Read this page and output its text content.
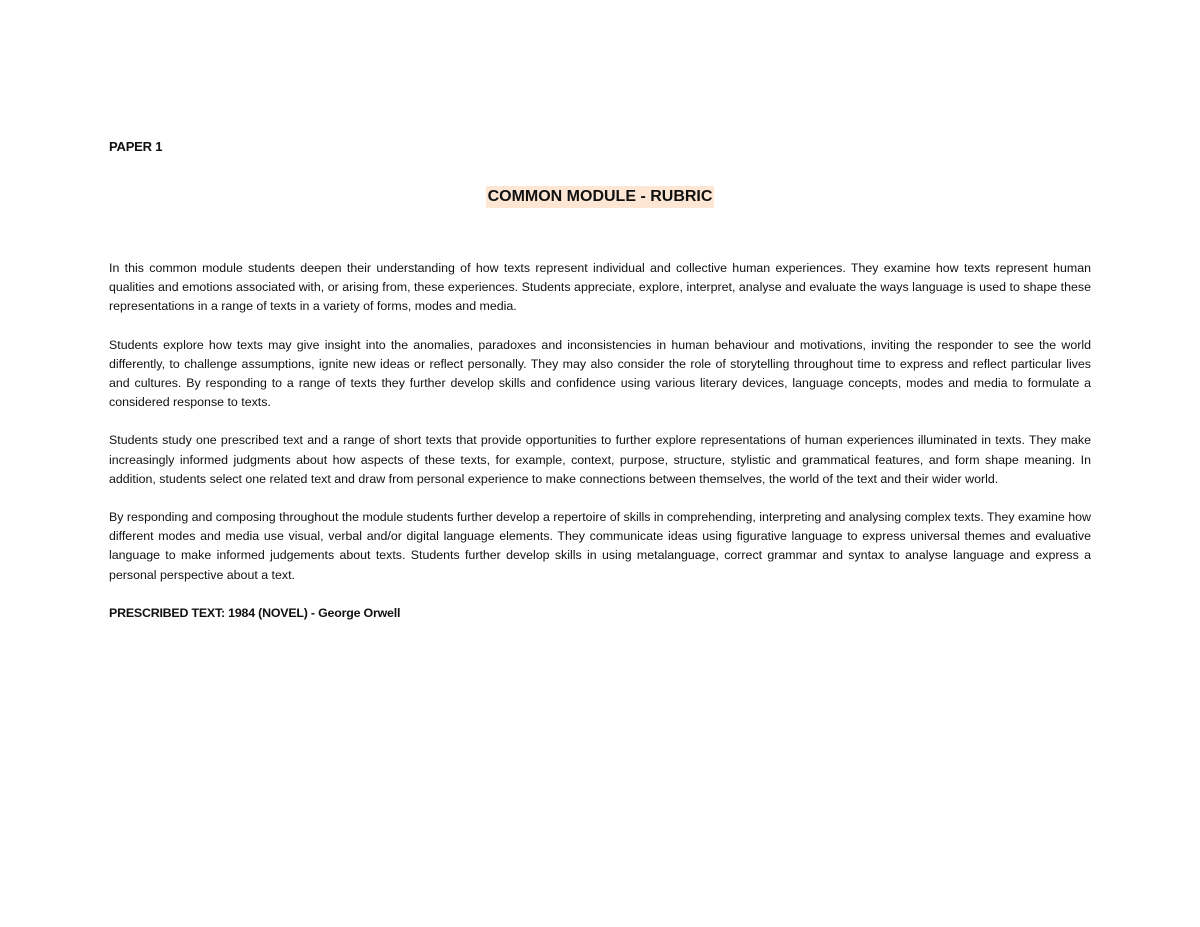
PAPER 1

COMMON MODULE - RUBRIC

In this common module students deepen their understanding of how texts represent individual and collective human experiences. They examine how texts represent human qualities and emotions associated with, or arising from, these experiences. Students appreciate, explore, interpret, analyse and evaluate the ways language is used to shape these representations in a range of texts in a variety of forms, modes and media.

Students explore how texts may give insight into the anomalies, paradoxes and inconsistencies in human behaviour and motivations, inviting the responder to see the world differently, to challenge assumptions, ignite new ideas or reflect personally. They may also consider the role of storytelling throughout time to express and reflect particular lives and cultures. By responding to a range of texts they further develop skills and confidence using various literary devices, language concepts, modes and media to formulate a considered response to texts.

Students study one prescribed text and a range of short texts that provide opportunities to further explore representations of human experiences illuminated in texts. They make increasingly informed judgments about how aspects of these texts, for example, context, purpose, structure, stylistic and grammatical features, and form shape meaning. In addition, students select one related text and draw from personal experience to make connections between themselves, the world of the text and their wider world.

By responding and composing throughout the module students further develop a repertoire of skills in comprehending, interpreting and analysing complex texts. They examine how different modes and media use visual, verbal and/or digital language elements. They communicate ideas using figurative language to express universal themes and evaluative language to make informed judgements about texts. Students further develop skills in using metalanguage, correct grammar and syntax to analyse language and express a personal perspective about a text.

PRESCRIBED TEXT: 1984 (NOVEL) - George Orwell
